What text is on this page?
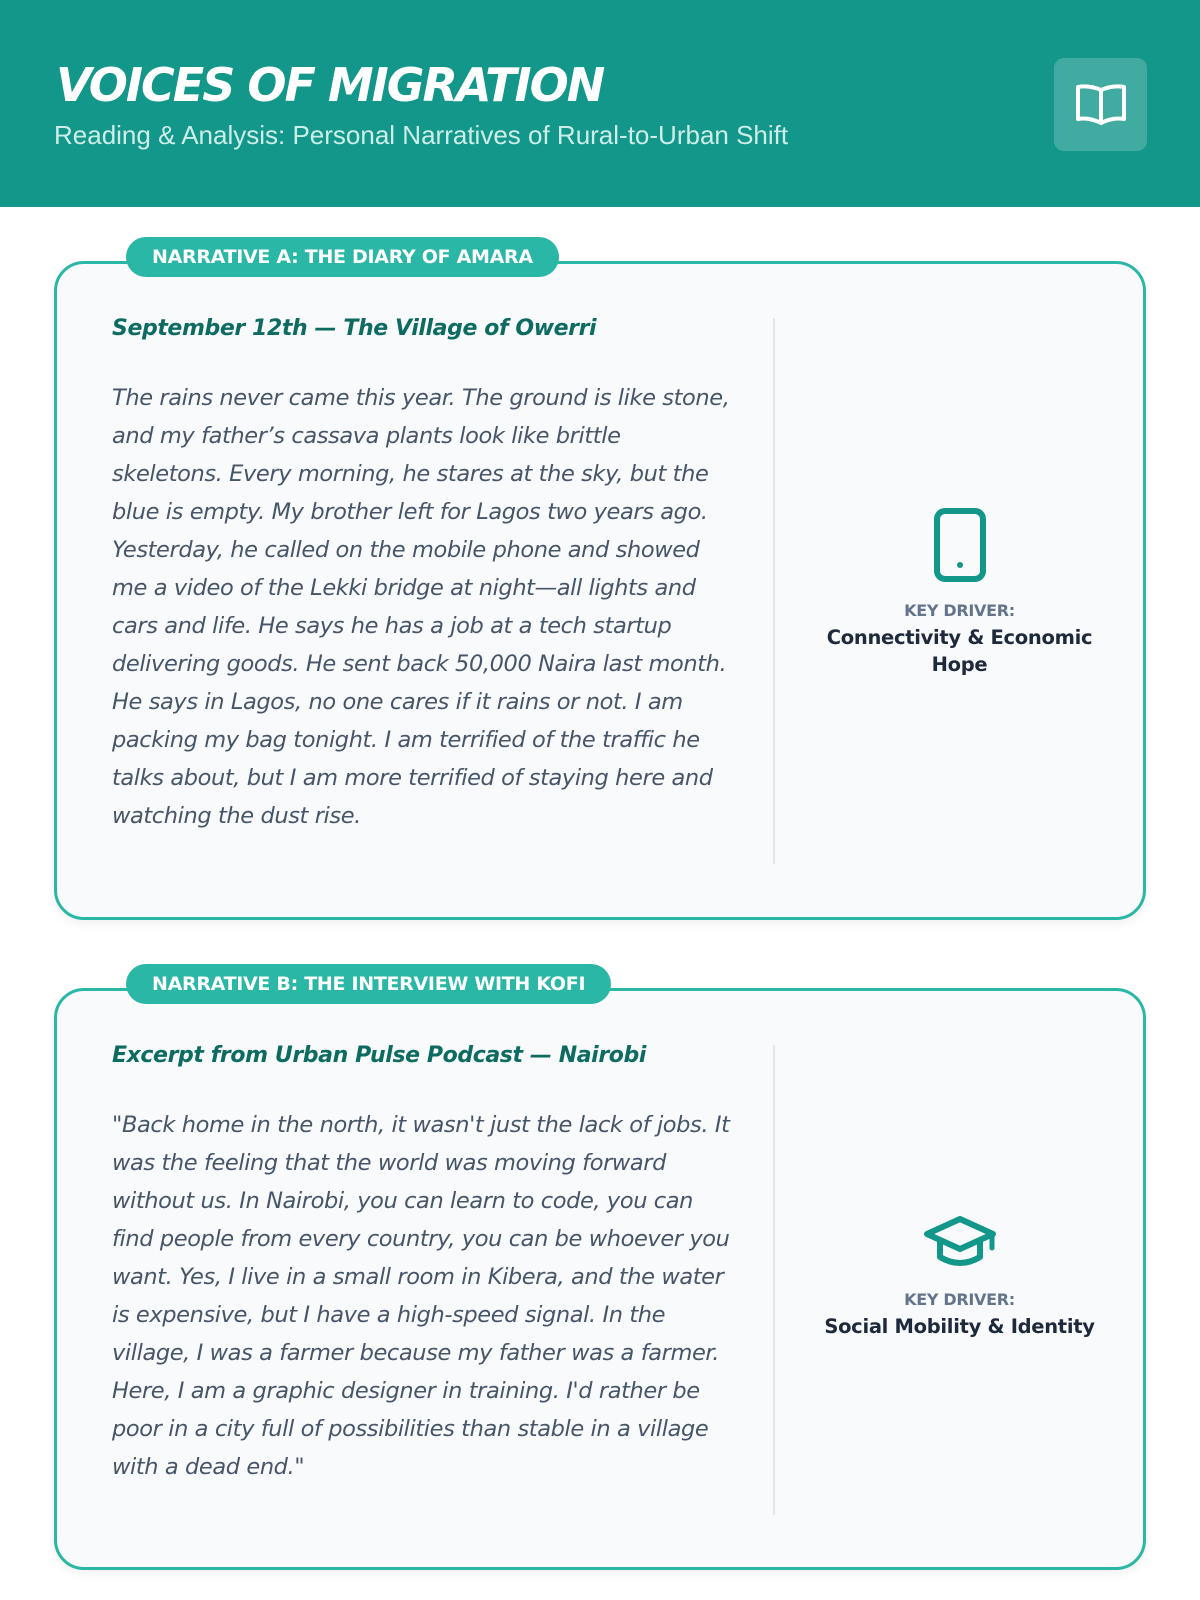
VOICES OF MIGRATION
Reading & Analysis: Personal Narratives of Rural-to-Urban Shift
NARRATIVE A: THE DIARY OF AMARA
September 12th — The Village of Owerri

The rains never came this year. The ground is like stone, and my father’s cassava plants look like brittle skeletons. Every morning, he stares at the sky, but the blue is empty. My brother left for Lagos two years ago. Yesterday, he called on the mobile phone and showed me a video of the Lekki bridge at night—all lights and cars and life. He says he has a job at a tech startup delivering goods. He sent back 50,000 Naira last month. He says in Lagos, no one cares if it rains or not. I am packing my bag tonight. I am terrified of the traffic he talks about, but I am more terrified of staying here and watching the dust rise.

KEY DRIVER:
Connectivity & Economic Hope
NARRATIVE B: THE INTERVIEW WITH KOFI
Excerpt from Urban Pulse Podcast — Nairobi

"Back home in the north, it wasn't just the lack of jobs. It was the feeling that the world was moving forward without us. In Nairobi, you can learn to code, you can find people from every country, you can be whoever you want. Yes, I live in a small room in Kibera, and the water is expensive, but I have a high-speed signal. In the village, I was a farmer because my father was a farmer. Here, I am a graphic designer in training. I'd rather be poor in a city full of possibilities than stable in a village with a dead end."

KEY DRIVER:
Social Mobility & Identity
